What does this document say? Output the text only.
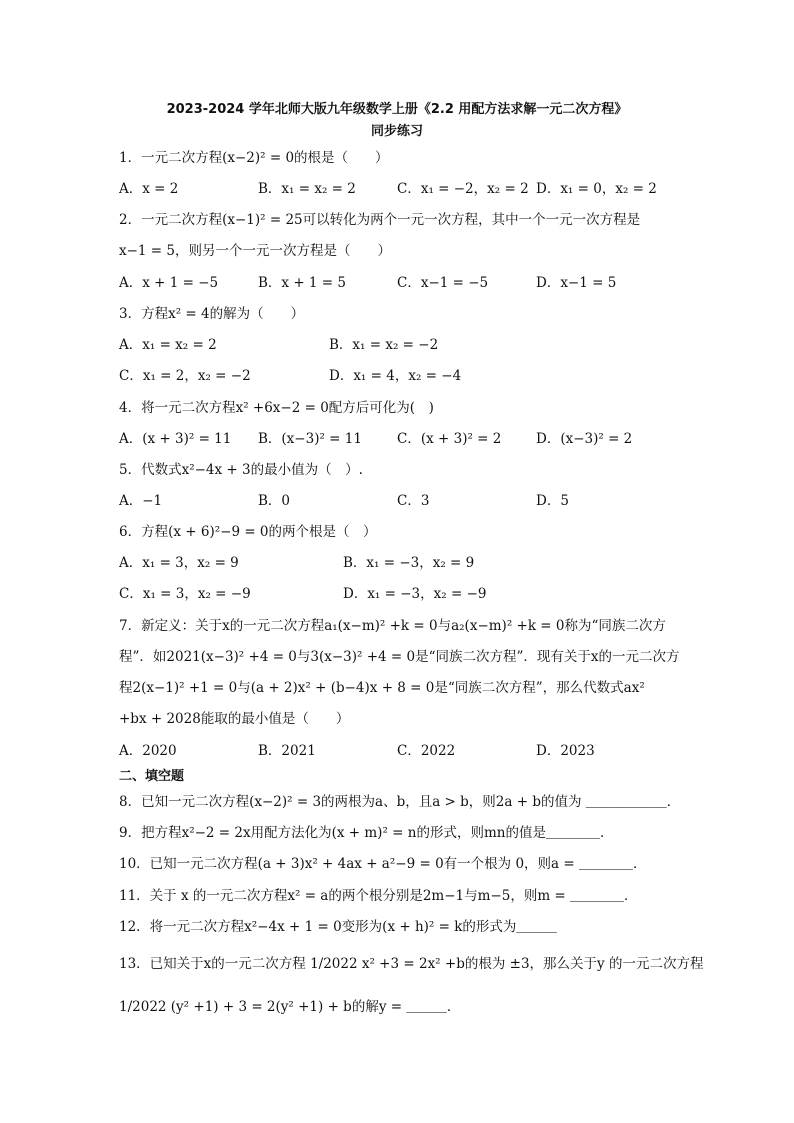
2023-2024 学年北师大版九年级数学上册《2.2 用配方法求解一元二次方程》
同步练习
1．一元二次方程(x−2)² = 0的根是（　　）
A．x = 2	B．x₁ = x₂ = 2	C．x₁ = −2，x₂ = 2 D．x₁ = 0，x₂ = 2
2．一元二次方程(x−1)² = 25可以转化为两个一元一次方程，其中一个一元一次方程是
x−1 = 5，则另一个一元一次方程是（　　）
A．x + 1 = −5	B．x + 1 = 5	C．x−1 = −5	D．x−1 = 5
3．方程x² = 4的解为（　　）
A．x₁ = x₂ = 2	B．x₁ = x₂ = −2
C．x₁ = 2，x₂ = −2	D．x₁ = 4，x₂ = −4
4．将一元二次方程x² +6x−2 = 0配方后可化为(　)
A．(x + 3)² = 11 B．(x−3)² = 11	C．(x + 3)² = 2	D．(x−3)² = 2
5．代数式x²−4x + 3的最小值为（　）.
A．−1	B．0	C．3	D．5
6．方程(x + 6)²−9 = 0的两个根是（　）
A．x₁ = 3，x₂ = 9	B．x₁ = −3，x₂ = 9
C．x₁ = 3，x₂ = −9	D．x₁ = −3，x₂ = −9
7．新定义：关于x的一元二次方程a₁(x−m)² +k = 0与a₂(x−m)² +k = 0称为“同族二次方
程”．如2021(x−3)² +4 = 0与3(x−3)² +4 = 0是“同族二次方程”．现有关于x的一元二次方
程2(x−1)² +1 = 0与(a + 2)x² + (b−4)x + 8 = 0是“同族二次方程”，那么代数式ax²
+bx + 2028能取的最小值是（　　）
A．2020	B．2021	C．2022	D．2023
二、填空题
8．已知一元二次方程(x−2)² = 3的两根为a、b，且a > b，则2a + b的值为 ＿＿＿＿＿＿．
9．把方程x²−2 = 2x用配方法化为(x + m)² = n的形式，则mn的值是＿＿＿＿．
10．已知一元二次方程(a + 3)x² + 4ax + a²−9 = 0有一个根为 0，则a = ＿＿＿＿．
11．关于 x 的一元二次方程x² = a的两个根分别是2m−1与m−5，则m = ＿＿＿＿．
12．将一元二次方程x²−4x + 1 = 0变形为(x + h)² = k的形式为＿＿＿
13．已知关于x的一元二次方程 1/2022 x² +3 = 2x² +b的根为 ±3，那么关于y 的一元二次方程
1/2022 (y² +1) + 3 = 2(y² +1) + b的解y = ＿＿＿．
